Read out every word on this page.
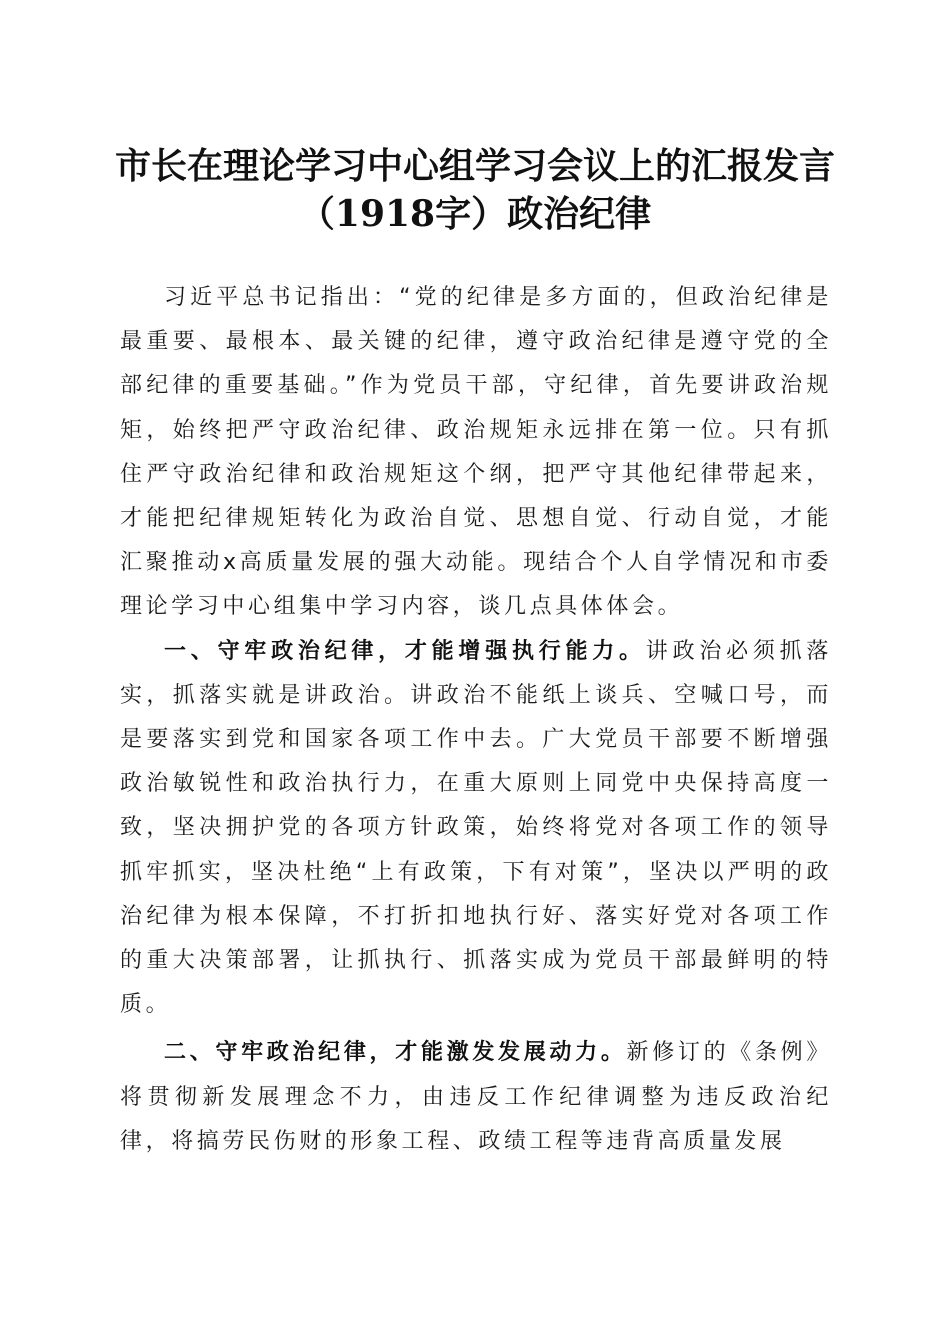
市长在理论学习中心组学习会议上的汇报发言
（1918字）政治纪律

习近平总书记指出：“党的纪律是多方面的，但政治纪律是最重要、最根本、最关键的纪律，遵守政治纪律是遵守党的全部纪律的重要基础。”作为党员干部，守纪律，首先要讲政治规矩，始终把严守政治纪律、政治规矩永远排在第一位。只有抓住严守政治纪律和政治规矩这个纲，把严守其他纪律带起来，才能把纪律规矩转化为政治自觉、思想自觉、行动自觉，才能汇聚推动x高质量发展的强大动能。现结合个人自学情况和市委理论学习中心组集中学习内容，谈几点具体体会。

一、守牢政治纪律，才能增强执行能力。讲政治必须抓落实，抓落实就是讲政治。讲政治不能纸上谈兵、空喊口号，而是要落实到党和国家各项工作中去。广大党员干部要不断增强政治敏锐性和政治执行力，在重大原则上同党中央保持高度一致，坚决拥护党的各项方针政策，始终将党对各项工作的领导抓牢抓实，坚决杜绝“上有政策，下有对策”，坚决以严明的政治纪律为根本保障，不打折扣地执行好、落实好党对各项工作的重大决策部署，让抓执行、抓落实成为党员干部最鲜明的特质。

二、守牢政治纪律，才能激发发展动力。新修订的《条例》将贯彻新发展理念不力，由违反工作纪律调整为违反政治纪律，将搞劳民伤财的形象工程、政绩工程等违背高质量发展
